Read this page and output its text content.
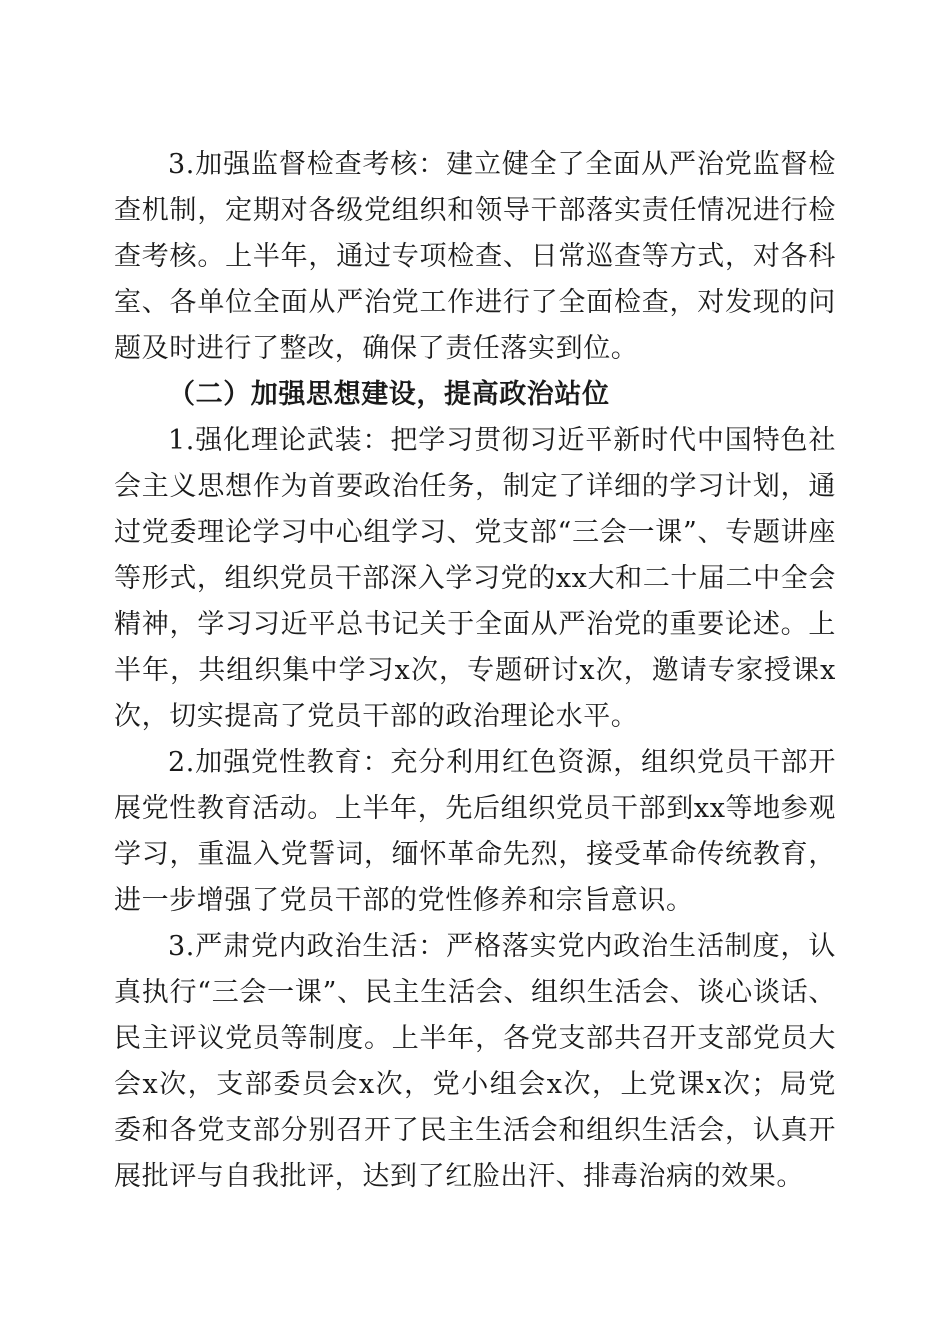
3.加强监督检查考核：建立健全了全面从严治党监督检查机制，定期对各级党组织和领导干部落实责任情况进行检查考核。上半年，通过专项检查、日常巡查等方式，对各科室、各单位全面从严治党工作进行了全面检查，对发现的问题及时进行了整改，确保了责任落实到位。

（二）加强思想建设，提高政治站位

1.强化理论武装：把学习贯彻习近平新时代中国特色社会主义思想作为首要政治任务，制定了详细的学习计划，通过党委理论学习中心组学习、党支部“三会一课”、专题讲座等形式，组织党员干部深入学习党的xx大和二十届二中全会精神，学习习近平总书记关于全面从严治党的重要论述。上半年，共组织集中学习x次，专题研讨x次，邀请专家授课x次，切实提高了党员干部的政治理论水平。

2.加强党性教育：充分利用红色资源，组织党员干部开展党性教育活动。上半年，先后组织党员干部到xx等地参观学习，重温入党誓词，缅怀革命先烈，接受革命传统教育，进一步增强了党员干部的党性修养和宗旨意识。

3.严肃党内政治生活：严格落实党内政治生活制度，认真执行“三会一课”、民主生活会、组织生活会、谈心谈话、民主评议党员等制度。上半年，各党支部共召开支部党员大会x次，支部委员会x次，党小组会x次，上党课x次；局党委和各党支部分别召开了民主生活会和组织生活会，认真开展批评与自我批评，达到了红脸出汗、排毒治病的效果。
